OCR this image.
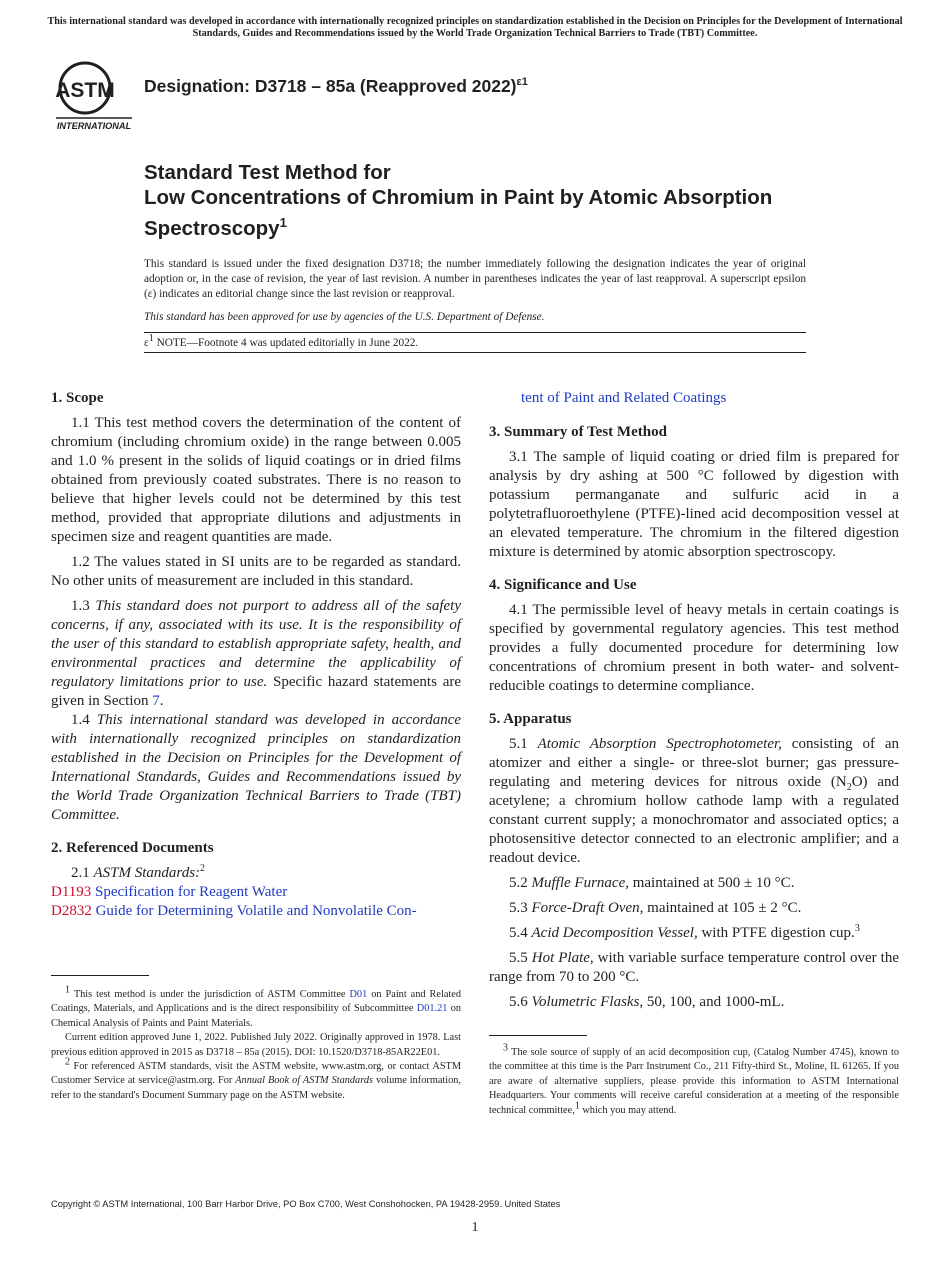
This international standard was developed in accordance with internationally recognized principles on standardization established in the Decision on Principles for the Development of International Standards, Guides and Recommendations issued by the World Trade Organization Technical Barriers to Trade (TBT) Committee.
ASTM
INTERNATIONAL
Designation: D3718 – 85a (Reapproved 2022)$^{\varepsilon 1}$
Standard Test Method for
Low Concentrations of Chromium in Paint by Atomic Absorption Spectroscopy$^1$
This standard is issued under the fixed designation D3718; the number immediately following the designation indicates the year of original adoption or, in the case of revision, the year of last revision. A number in parentheses indicates the year of last reapproval. A superscript epsilon (ε) indicates an editorial change since the last revision or reapproval.
This standard has been approved for use by agencies of the U.S. Department of Defense.
$\varepsilon^1$ NOTE—Footnote 4 was updated editorially in June 2022.
1. Scope
1.1 This test method covers the determination of the content of chromium (including chromium oxide) in the range between 0.005 and 1.0 % present in the solids of liquid coatings or in dried films obtained from previously coated substrates. There is no reason to believe that higher levels could not be determined by this test method, provided that appropriate dilutions and adjustments in specimen size and reagent quantities are made.
1.2 The values stated in SI units are to be regarded as standard. No other units of measurement are included in this standard.
1.3 This standard does not purport to address all of the safety concerns, if any, associated with its use. It is the responsibility of the user of this standard to establish appropriate safety, health, and environmental practices and determine the applicability of regulatory limitations prior to use. Specific hazard statements are given in Section 7.
1.4 This international standard was developed in accordance with internationally recognized principles on standardization established in the Decision on Principles for the Development of International Standards, Guides and Recommendations issued by the World Trade Organization Technical Barriers to Trade (TBT) Committee.
2. Referenced Documents
2.1 ASTM Standards:$^2$
D1193 Specification for Reagent Water
D2832 Guide for Determining Volatile and Nonvolatile Con-
tent of Paint and Related Coatings
3. Summary of Test Method
3.1 The sample of liquid coating or dried film is prepared for analysis by dry ashing at 500 °C followed by digestion with potassium permanganate and sulfuric acid in a polytetrafluoroethylene (PTFE)-lined acid decomposition vessel at an elevated temperature. The chromium in the filtered digestion mixture is determined by atomic absorption spectroscopy.
4. Significance and Use
4.1 The permissible level of heavy metals in certain coatings is specified by governmental regulatory agencies. This test method provides a fully documented procedure for determining low concentrations of chromium present in both water- and solvent-reducible coatings to determine compliance.
5. Apparatus
5.1 Atomic Absorption Spectrophotometer, consisting of an atomizer and either a single- or three-slot burner; gas pressure-regulating and metering devices for nitrous oxide $(N_2O)$ and acetylene; a chromium hollow cathode lamp with a regulated constant current supply; a monochromator and associated optics; a photosensitive detector connected to an electronic amplifier; and a readout device.
5.2 Muffle Furnace, maintained at 500 ± 10 °C.
5.3 Force-Draft Oven, maintained at 105 ± 2 °C.
5.4 Acid Decomposition Vessel, with PTFE digestion cup.$^3$
5.5 Hot Plate, with variable surface temperature control over the range from 70 to 200 °C.
5.6 Volumetric Flasks, 50, 100, and 1000-mL.

$^1$ This test method is under the jurisdiction of ASTM Committee D01 on Paint and Related Coatings, Materials, and Applications and is the direct responsibility of Subcommittee D01.21 on Chemical Analysis of Paints and Paint Materials.

Current edition approved June 1, 2022. Published July 2022. Originally approved in 1978. Last previous edition approved in 2015 as D3718 – 85a (2015). DOI: 10.1520/D3718-85AR22E01.

$^2$ For referenced ASTM standards, visit the ASTM website, www.astm.org, or contact ASTM Customer Service at service@astm.org. For Annual Book of ASTM Standards volume information, refer to the standard's Document Summary page on the ASTM website.

$^3$ The sole source of supply of an acid decomposition cup, (Catalog Number 4745), known to the committee at this time is the Parr Instrument Co., 211 Fifty-third St., Moline, IL 61265. If you are aware of alternative suppliers, please provide this information to ASTM International Headquarters. Your comments will receive careful consideration at a meeting of the responsible technical committee,$^1$ which you may attend.

Copyright © ASTM International, 100 Barr Harbor Drive, PO Box C700, West Conshohocken, PA 19428-2959. United States
1
